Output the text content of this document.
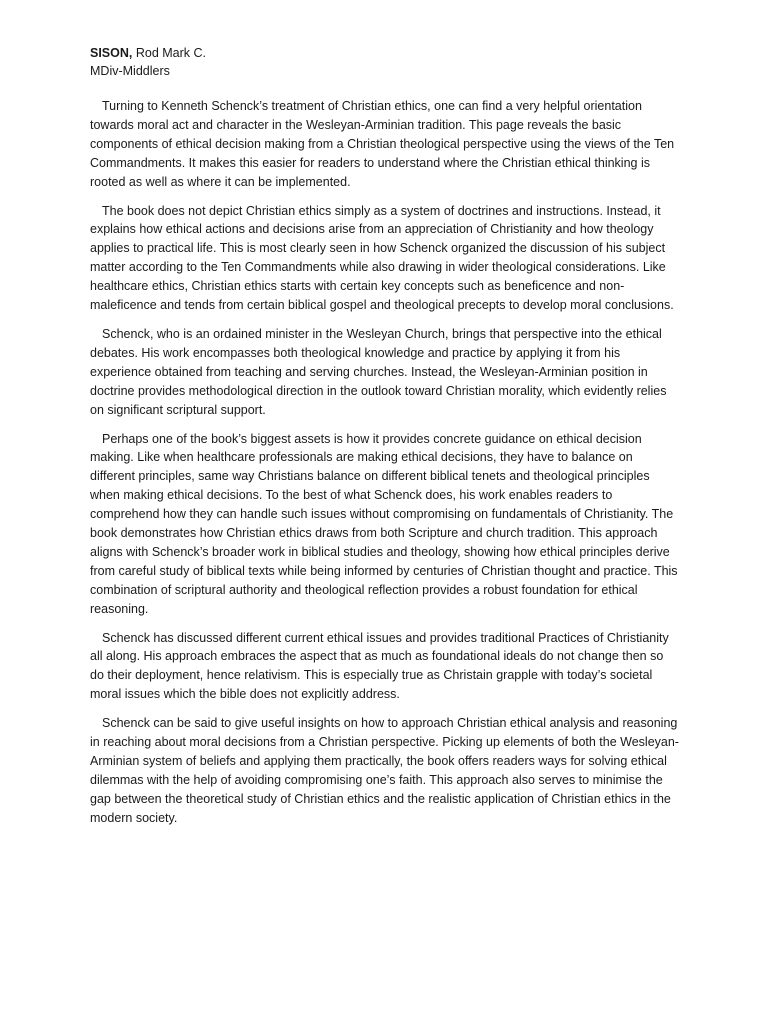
SISON, Rod Mark C.

MDiv-Middlers

Turning to Kenneth Schenck’s treatment of Christian ethics, one can find a very helpful orientation towards moral act and character in the Wesleyan-Arminian tradition. This page reveals the basic components of ethical decision making from a Christian theological perspective using the views of the Ten Commandments. It makes this easier for readers to understand where the Christian ethical thinking is rooted as well as where it can be implemented.

The book does not depict Christian ethics simply as a system of doctrines and instructions. Instead, it explains how ethical actions and decisions arise from an appreciation of Christianity and how theology applies to practical life. This is most clearly seen in how Schenck organized the discussion of his subject matter according to the Ten Commandments while also drawing in wider theological considerations. Like healthcare ethics, Christian ethics starts with certain key concepts such as beneficence and non-maleficence and tends from certain biblical gospel and theological precepts to develop moral conclusions.

Schenck, who is an ordained minister in the Wesleyan Church, brings that perspective into the ethical debates. His work encompasses both theological knowledge and practice by applying it from his experience obtained from teaching and serving churches. Instead, the Wesleyan-Arminian position in doctrine provides methodological direction in the outlook toward Christian morality, which evidently relies on significant scriptural support.

Perhaps one of the book’s biggest assets is how it provides concrete guidance on ethical decision making. Like when healthcare professionals are making ethical decisions, they have to balance on different principles, same way Christians balance on different biblical tenets and theological principles when making ethical decisions. To the best of what Schenck does, his work enables readers to comprehend how they can handle such issues without compromising on fundamentals of Christianity. The book demonstrates how Christian ethics draws from both Scripture and church tradition. This approach aligns with Schenck’s broader work in biblical studies and theology, showing how ethical principles derive from careful study of biblical texts while being informed by centuries of Christian thought and practice. This combination of scriptural authority and theological reflection provides a robust foundation for ethical reasoning.

Schenck has discussed different current ethical issues and provides traditional Practices of Christianity all along. His approach embraces the aspect that as much as foundational ideals do not change then so do their deployment, hence relativism. This is especially true as Christain grapple with today’s societal moral issues which the bible does not explicitly address.

Schenck can be said to give useful insights on how to approach Christian ethical analysis and reasoning in reaching about moral decisions from a Christian perspective. Picking up elements of both the Wesleyan-Arminian system of beliefs and applying them practically, the book offers readers ways for solving ethical dilemmas with the help of avoiding compromising one’s faith. This approach also serves to minimise the gap between the theoretical study of Christian ethics and the realistic application of Christian ethics in the modern society.
